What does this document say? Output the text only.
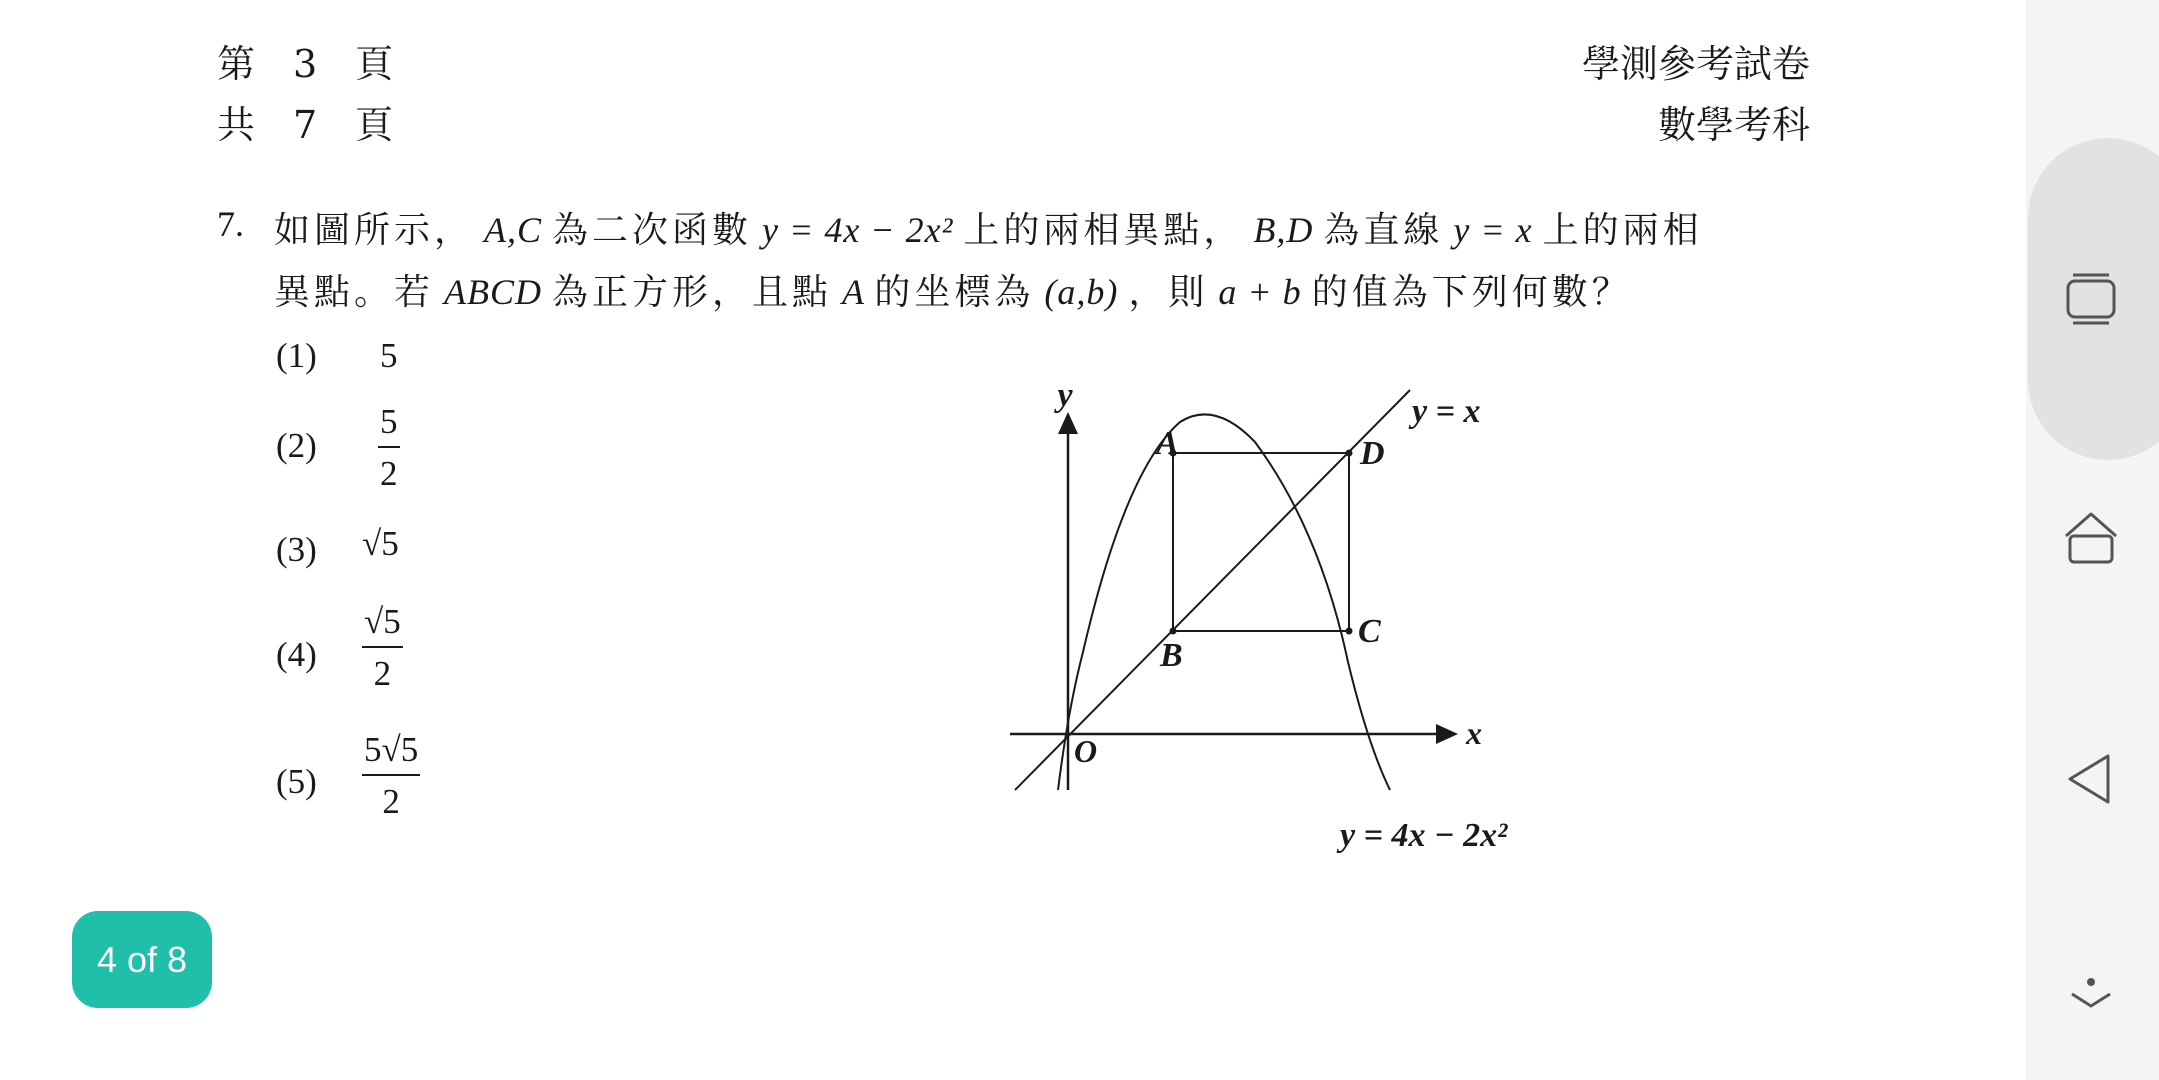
第　3　頁
共　7　頁
學測參考試卷
數學考科
7. 如圖所示， A,C 為二次函數 y = 4x − 2x² 上的兩相異點， B,D 為直線 y = x 上的兩相
異點。若 ABCD 為正方形，且點 A 的坐標為 (a,b) ，則 a + b 的值為下列何數？
(1) 5
$(2) \frac{5}{2}$
(3) √5
$(4) \frac{√5}{2}$
$(5) \frac{5√5}{2}$
y
x
O
A
B
C
D
y = x
y = 4x − 2x²
4 of 8
